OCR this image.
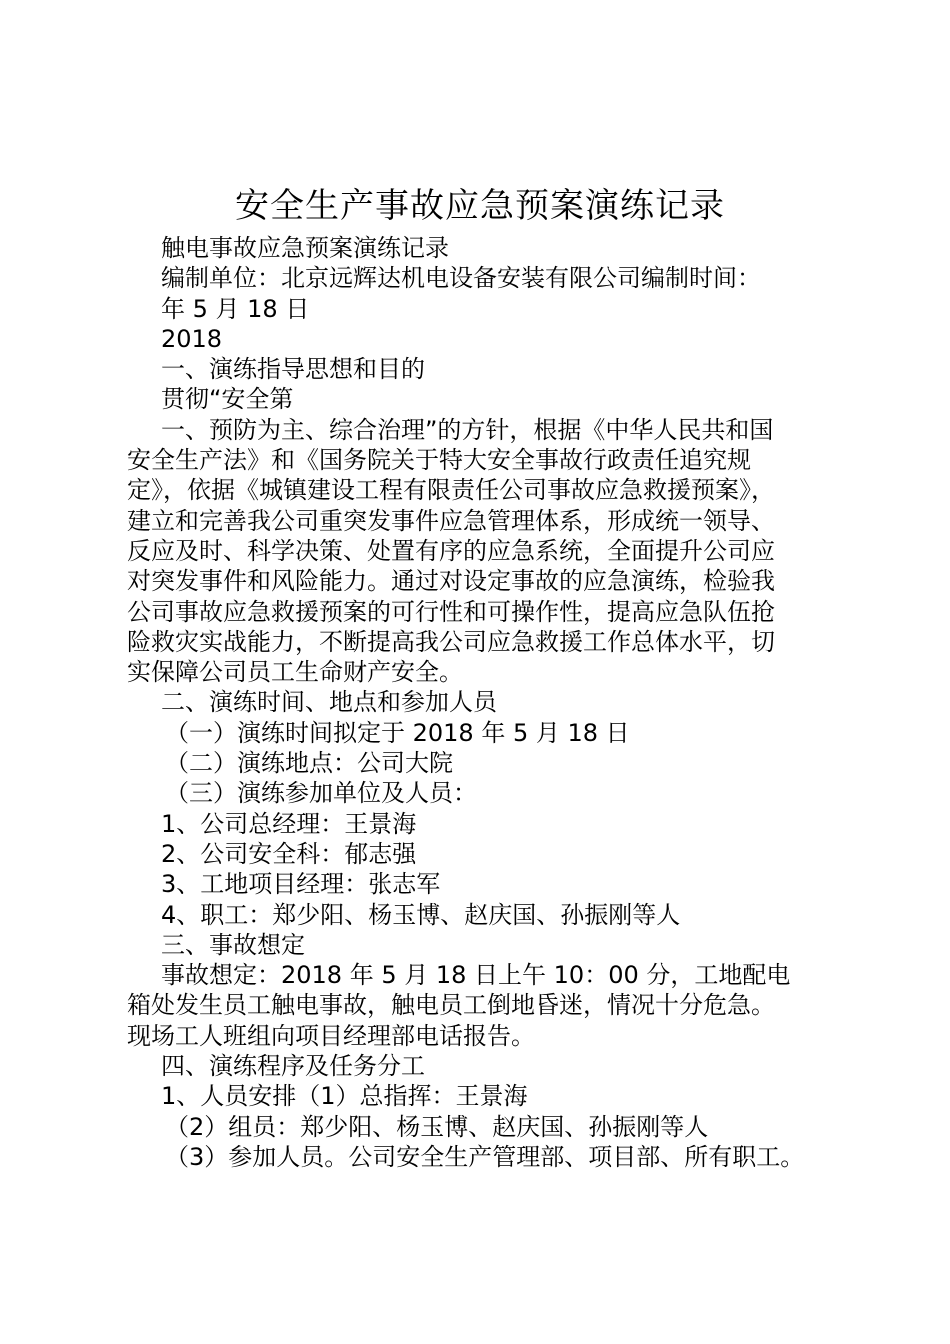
安全生产事故应急预案演练记录
触电事故应急预案演练记录
编制单位：北京远辉达机电设备安装有限公司编制时间：
年 5 月 18 日
2018
一、演练指导思想和目的
贯彻“安全第
一、预防为主、综合治理”的方针，根据《中华人民共和国
安全生产法》和《国务院关于特大安全事故行政责任追究规
定》，依据《城镇建设工程有限责任公司事故应急救援预案》，
建立和完善我公司重突发事件应急管理体系，形成统一领导、
反应及时、科学决策、处置有序的应急系统，全面提升公司应
对突发事件和风险能力。通过对设定事故的应急演练，检验我
公司事故应急救援预案的可行性和可操作性，提高应急队伍抢
险救灾实战能力，不断提高我公司应急救援工作总体水平，切
实保障公司员工生命财产安全。
二、演练时间、地点和参加人员
（一）演练时间拟定于 2018 年 5 月 18 日
（二）演练地点：公司大院
（三）演练参加单位及人员：
1、公司总经理：王景海
2、公司安全科：郁志强
3、工地项目经理：张志军
4、职工：郑少阳、杨玉博、赵庆国、孙振刚等人
三、事故想定
事故想定：2018 年 5 月 18 日上午 10：00 分，工地配电
箱处发生员工触电事故，触电员工倒地昏迷，情况十分危急。
现场工人班组向项目经理部电话报告。
四、演练程序及任务分工
1、人员安排（1）总指挥：王景海
（2）组员：郑少阳、杨玉博、赵庆国、孙振刚等人
（3）参加人员。公司安全生产管理部、项目部、所有职工。
